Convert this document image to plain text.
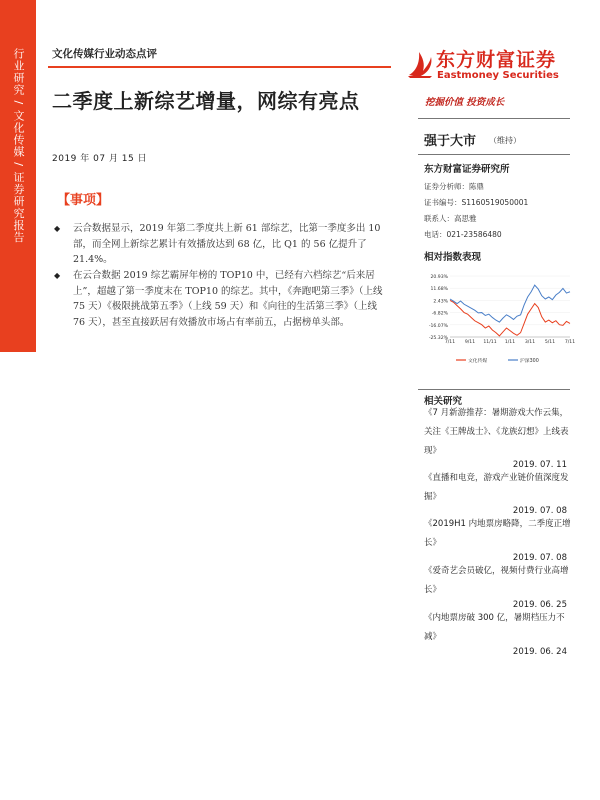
行业研究 / 文化传媒 / 证券研究报告	文化传媒行业动态点评
二季度上新综艺增量，网综有亮点
2019 年 07 月 15 日
【事项】
◆	云合数据显示，2019 年第二季度共上新 61 部综艺，比第一季度多出 10 部，而全网上新综艺累计有效播放达到 68 亿，比 Q1 的 56 亿提升了 21.4%。
◆	在云合数据 2019 综艺霸屏年榜的 TOP10 中，已经有六档综艺“后来居上”，超越了第一季度末在 TOP10 的综艺。其中，《奔跑吧第三季》（上线 75 天）《极限挑战第五季》（上线 59 天）和《向往的生活第三季》（上线 76 天），甚至直接跃居有效播放市场占有率前五，占据榜单头部。
东方财富证券
Eastmoney Securities
挖掘价值 投资成长
强于大市 （维持）
东方财富证券研究所
证券分析师：陈鼎
证书编号：S1160519050001
联系人：高思雅
电话：021-23586480
相对指数表现
20.93%
11.68%
2.43%
-6.82%
-16.07%
-25.32%
7/11 9/11 11/11 1/11 3/11 5/11 7/11
文化传媒	沪深300
相关研究
《7 月新游推荐：暑期游戏大作云集，关注《王牌战士》、《龙族幻想》上线表现》
2019. 07. 11
《直播和电竞，游戏产业链价值深度发掘》
2019. 07. 08
《2019H1 内地票房略降，二季度正增长》
2019. 07. 08
《爱奇艺会员破亿，视频付费行业高增长》
2019. 06. 25
《内地票房破 300 亿，暑期档压力不减》
2019. 06. 24
